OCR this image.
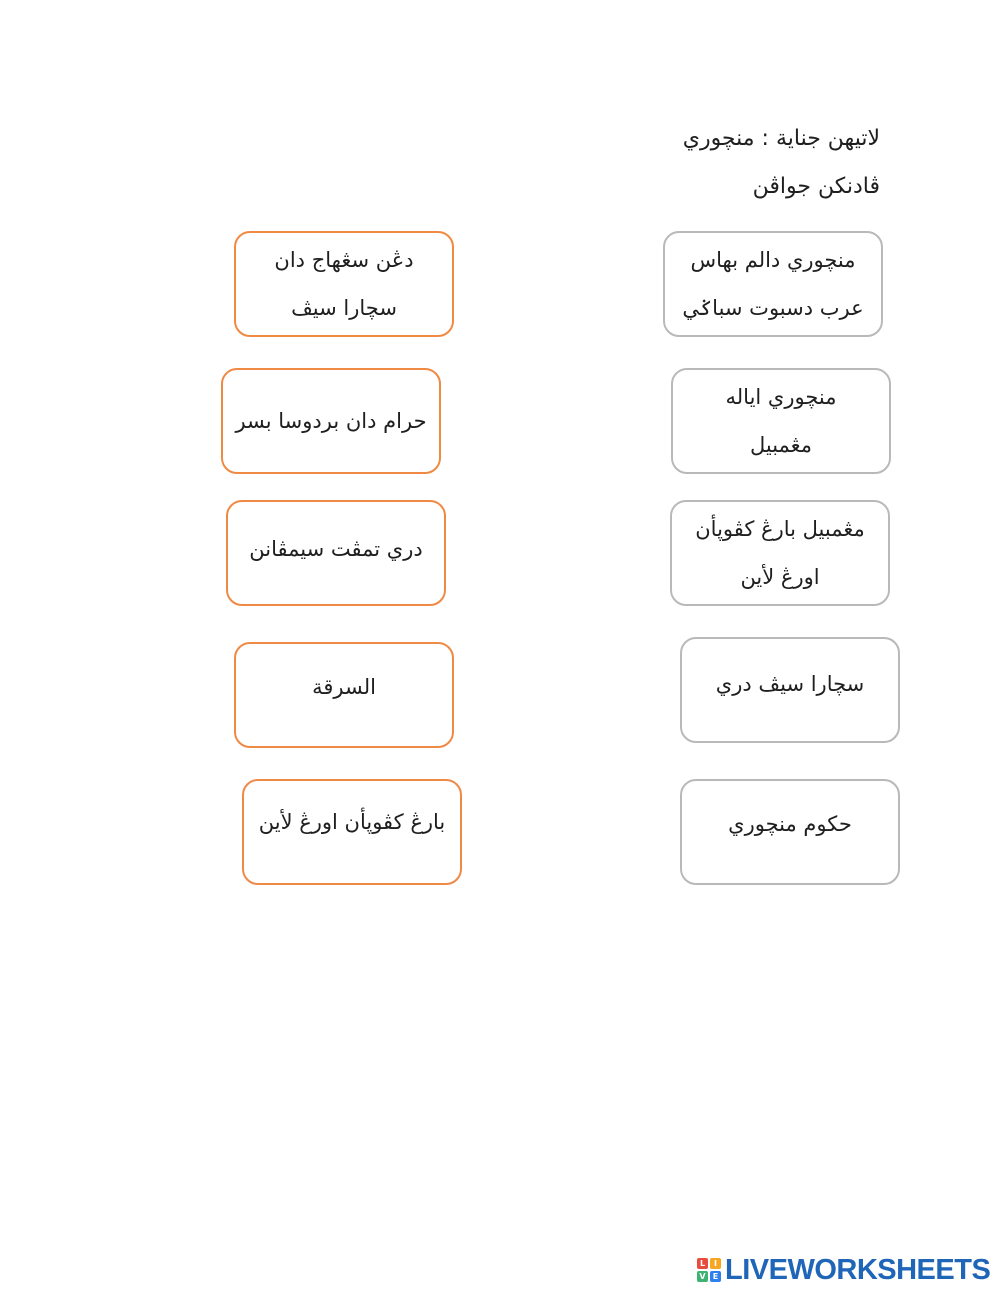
لاتيهن جناية : منچوري
ڤادنكن جواڤن
منچوري دالم بهاس
عرب دسبوت سباݢي
منچوري اياله
مڠمبيل
مڠمبيل بارڠ كڤوڽأن
اورڠ لأين
سچارا سيڤ دري
حكوم منچوري
دڠن سڠهاج دان
سچارا سيڤ
حرام دان بردوسا بسر
دري تمڤت سيمڤانن
السرقة
بارڠ كڤوڽأن اورڠ لأين
L	I
V E LIVEWORKSHEETS
